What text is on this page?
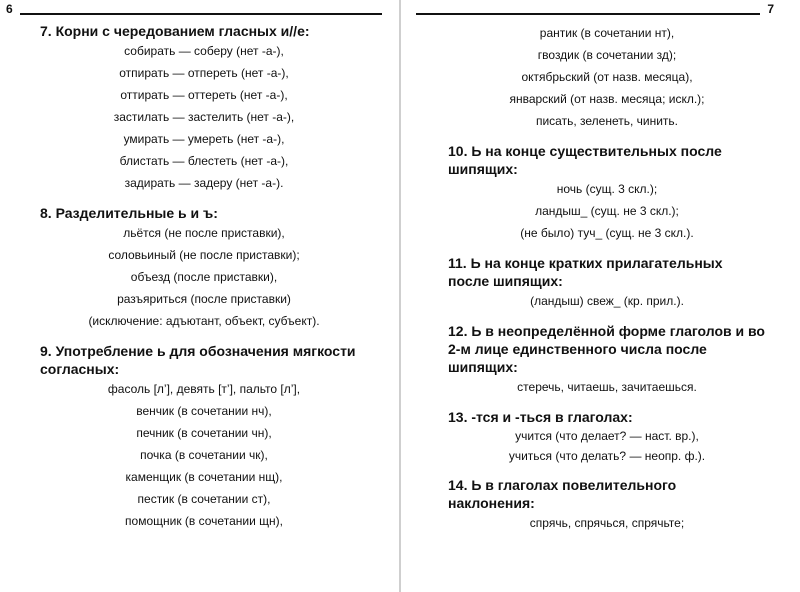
6

7. Корни с чередованием гласных и//е:

собирать — соберу (нет -а-),

отпирать — отпереть (нет -а-),

оттирать — оттереть (нет -а-),

застилать — застелить (нет -а-),

умирать — умереть (нет -а-),

блистать — блестеть (нет -а-),

задирать — задеру (нет -а-).

8. Разделительные ь и ъ:

льётся (не после приставки),

соловьиный (не после приставки);

объезд (после приставки),

разъяриться (после приставки)

(исключение: адъютант, объект, субъект).

9. Употребление ь для обозначения мягкости согласных:

фасоль [л’], девять [т’], пальто [л’],

венчик (в сочетании нч),

печник (в сочетании чн),

почка (в сочетании чк),

каменщик (в сочетании нщ),

пестик (в сочетании ст),

помощник (в сочетании щн),

7

рантик (в сочетании нт),

гвоздик (в сочетании зд);

октябрьский (от назв. месяца),

январский (от назв. месяца; искл.);

писать, зеленеть, чинить.

10. Ь на конце существительных после шипящих:

ночь (сущ. 3 скл.);

ландыш_ (сущ. не 3 скл.);

(не было) туч_ (сущ. не 3 скл.).

11. Ь на конце кратких прилагательных после шипящих:

(ландыш) свеж_ (кр. прил.).

12. Ь в неопределённой форме глаголов и во 2-м лице единственного числа после шипящих:

стеречь, читаешь, зачитаешься.

13. -тся и -ться в глаголах:

учится (что делает? — наст. вр.),

учиться (что делать? — неопр. ф.).

14. Ь в глаголах повелительного наклонения:

спрячь, спрячься, спрячьте;
